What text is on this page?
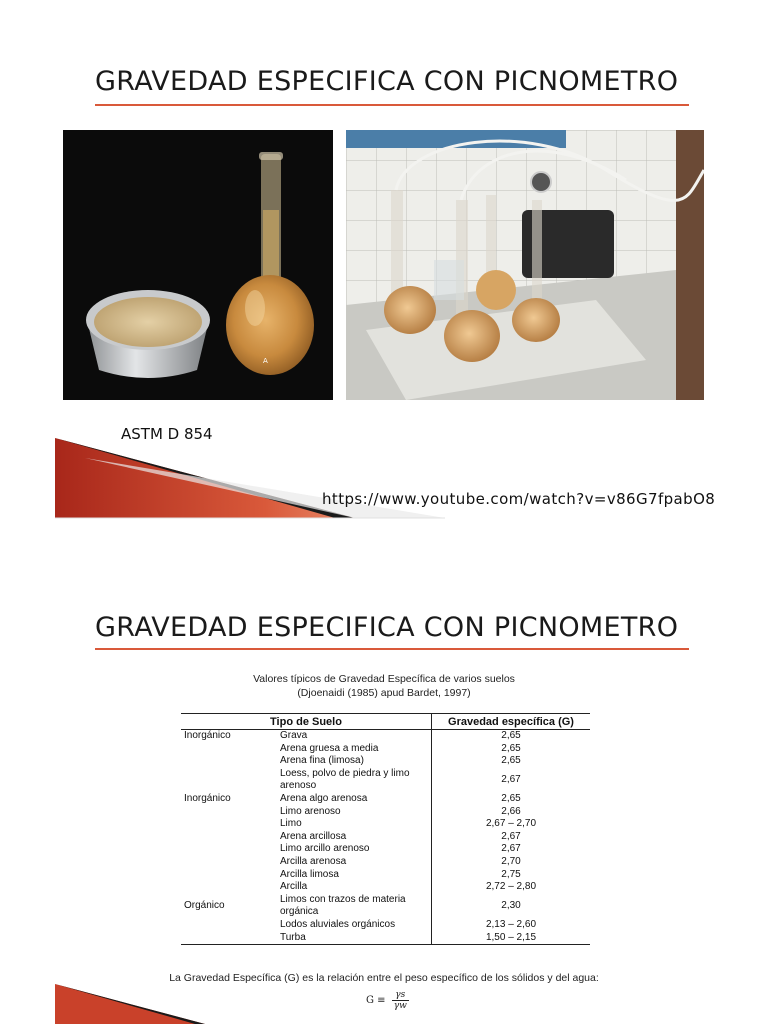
GRAVEDAD ESPECIFICA CON PICNOMETRO
A
ASTM D 854
https://www.youtube.com/watch?v=v86G7fpabO8
GRAVEDAD ESPECIFICA CON PICNOMETRO
Valores típicos de Gravedad Específica de varios suelos
(Djoenaidi (1985) apud Bardet, 1997)
Tipo de Suelo		Gravedad específica (G)
Inorgánico	Grava	2,65
	Arena gruesa a media	2,65
	Arena fina (limosa)	2,65
	Loess, polvo de piedra y limo arenoso	2,67
Inorgánico	Arena algo arenosa	2,65
	Limo arenoso	2,66
	Limo	2,67 – 2,70
	Arena arcillosa	2,67
	Limo arcillo arenoso	2,67
	Arcilla arenosa	2,70
	Arcilla limosa	2,75
	Arcilla	2,72 – 2,80
Orgánico	Limos con trazos de materia orgánica	2,30
	Lodos aluviales orgánicos	2,13 – 2,60
	Turba	1,50 – 2,15
La Gravedad Específica (G) es la relación entre el peso específico de los sólidos y del agua:
$G \equiv \frac{\gamma s}{\gamma w}$
